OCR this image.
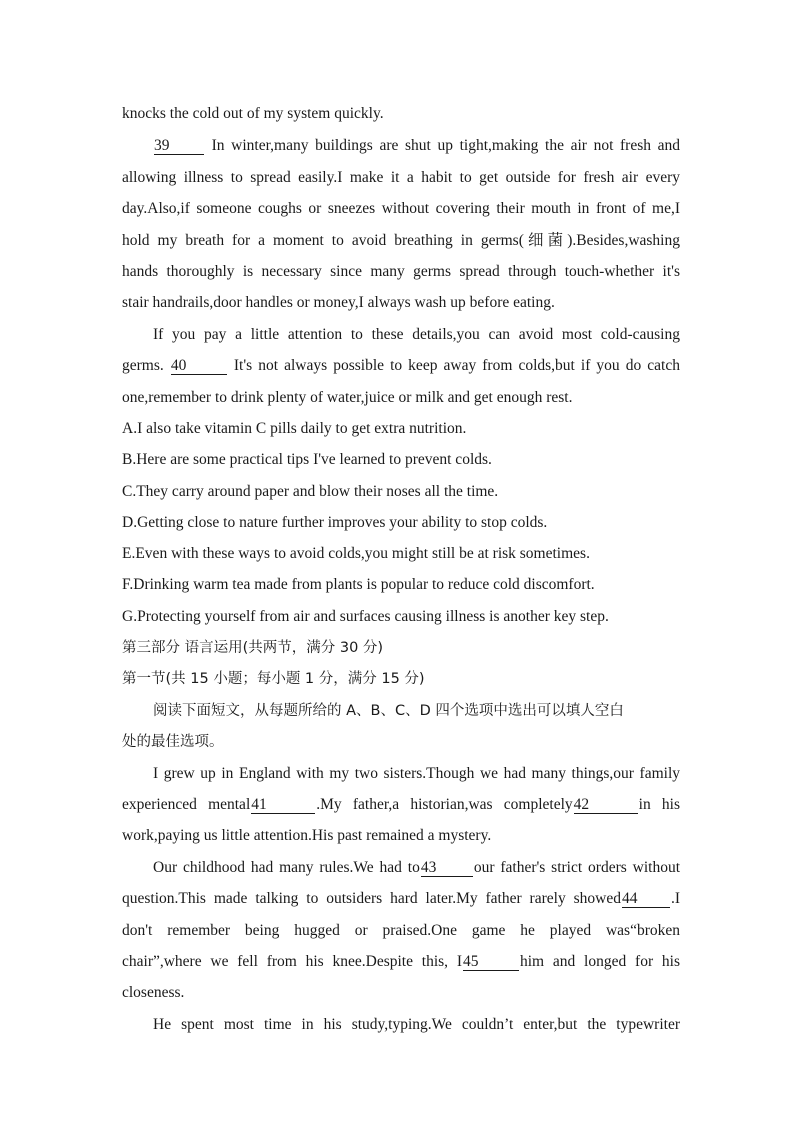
knocks the cold out of my system quickly.
39	In winter,many buildings are shut up tight,making the air not fresh and
allowing illness to spread easily.I make it a habit to get outside for fresh air every
day.Also,if someone coughs or sneezes without covering their mouth in front of me,I
hold my breath for a moment to avoid breathing in germs(细菌).Besides,washing
hands thoroughly is necessary since many germs spread through touch-whether it's
stair handrails,door handles or money,I always wash up before eating.
If you pay a little attention to these details,you can avoid most cold-causing
germs. 40	It's not always possible to keep away from colds,but if you do catch
one,remember to drink plenty of water,juice or milk and get enough rest.
A.I also take vitamin C pills daily to get extra nutrition.
B.Here are some practical tips I've learned to prevent colds.
C.They carry around paper and blow their noses all the time.
D.Getting close to nature further improves your ability to stop colds.
E.Even with these ways to avoid colds,you might still be at risk sometimes.
F.Drinking warm tea made from plants is popular to reduce cold discomfort.
G.Protecting yourself from air and surfaces causing illness is another key step.
第三部分 语言运用(共两节，满分 30 分)
第一节(共 15 小题；每小题 1 分，满分 15 分)
阅读下面短文，从每题所给的 A、B、C、D 四个选项中选出可以填人空白
处的最佳选项。
I grew up in England with my two sisters.Though we had many things,our family
experienced mental41	.My father,a historian,was completely42	in his
work,paying us little attention.His past remained a mystery.
Our childhood had many rules.We had to43 our father's strict orders without
question.This made talking to outsiders hard later.My father rarely showed44 .I
don't remember being hugged or praised.One game he played was“broken
chair”,where we fell from his knee.Despite this, I45	him and longed for his
closeness.
He spent most time in his study,typing.We couldn’t enter,but the typewriter
